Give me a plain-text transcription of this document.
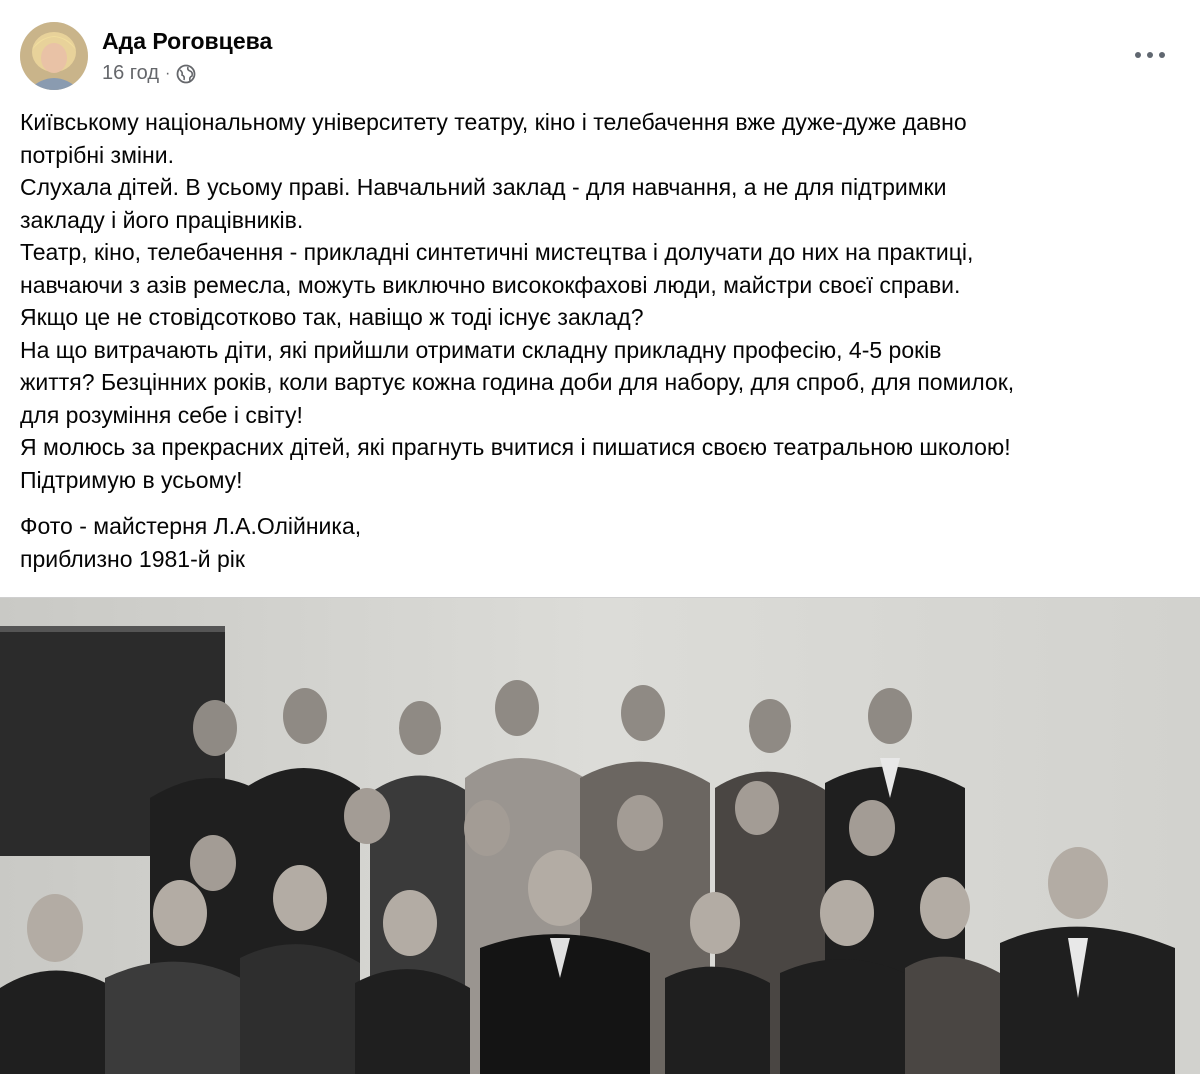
Ада Роговцева
16 год ·

Київському національному університету театру, кіно і телебачення вже дуже-дуже давно

потрібні зміни.

Слухала дітей. В усьому праві. Навчальний заклад - для навчання, а не для підтримки

закладу і його працівників.

Театр, кіно, телебачення - прикладні синтетичні мистецтва і долучати до них на практиці,

навчаючи з азів ремесла, можуть виключно висококфахові люди, майстри своєї справи.

Якщо це не стовідсотково так, навіщо ж тоді існує заклад?

На що витрачають діти, які прийшли отримати складну прикладну професію, 4-5 років

життя? Безцінних років, коли вартує кожна година доби для набору, для спроб, для помилок,

для розуміння себе і світу!

Я молюсь за прекрасних дітей, які прагнуть вчитися і пишатися своєю театральною школою!

Підтримую в усьому!

Фото - майстерня Л.А.Олійника,

приблизно 1981-й рік
